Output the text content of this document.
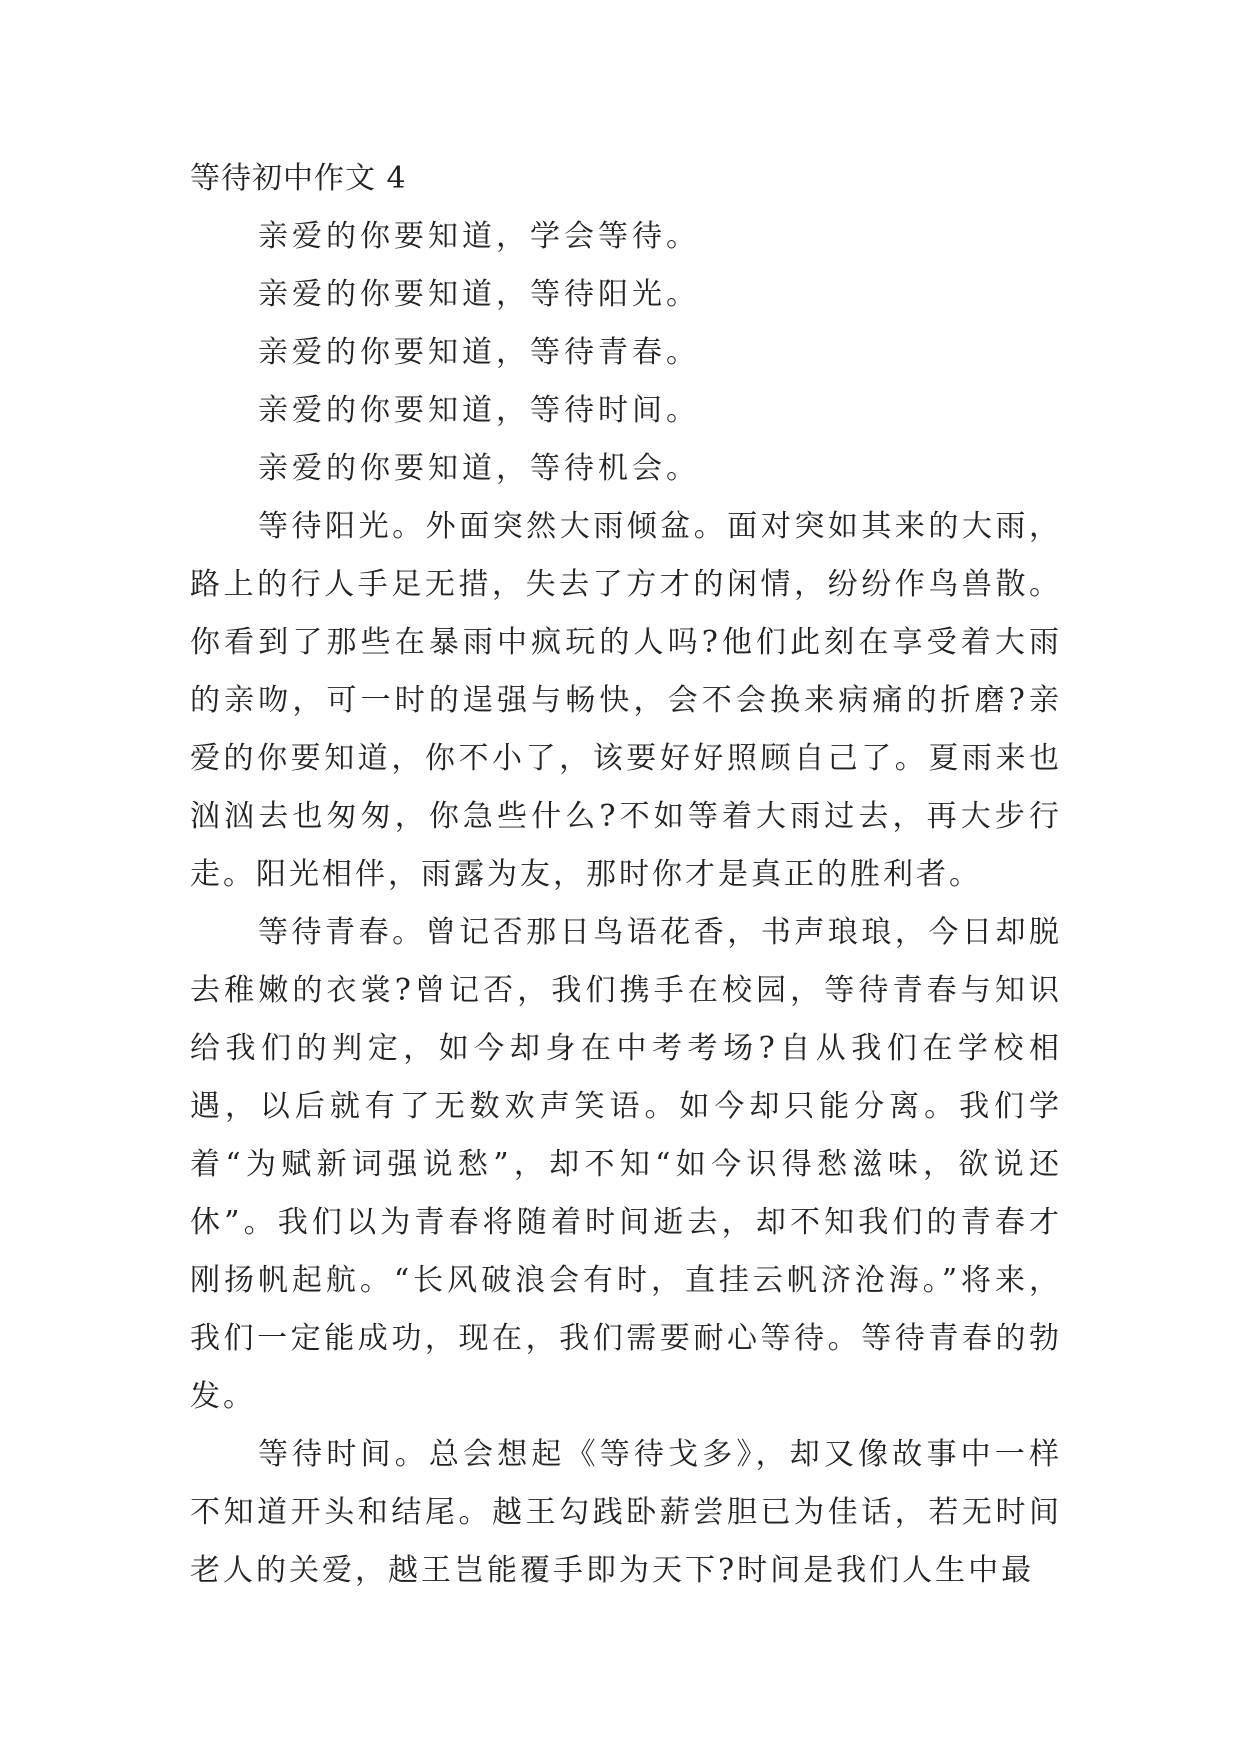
等待初中作文 4

亲爱的你要知道，学会等待。

亲爱的你要知道，等待阳光。

亲爱的你要知道，等待青春。

亲爱的你要知道，等待时间。

亲爱的你要知道，等待机会。

等待阳光。外面突然大雨倾盆。面对突如其来的大雨，路上的行人手足无措，失去了方才的闲情，纷纷作鸟兽散。你看到了那些在暴雨中疯玩的人吗?他们此刻在享受着大雨的亲吻，可一时的逞强与畅快，会不会换来病痛的折磨?亲爱的你要知道，你不小了，该要好好照顾自己了。夏雨来也汹汹去也匆匆，你急些什么?不如等着大雨过去，再大步行走。阳光相伴，雨露为友，那时你才是真正的胜利者。

等待青春。曾记否那日鸟语花香，书声琅琅，今日却脱去稚嫩的衣裳?曾记否，我们携手在校园，等待青春与知识给我们的判定，如今却身在中考考场?自从我们在学校相遇，以后就有了无数欢声笑语。如今却只能分离。我们学着“为赋新词强说愁”，却不知“如今识得愁滋味，欲说还休”。我们以为青春将随着时间逝去，却不知我们的青春才刚扬帆起航。“长风破浪会有时，直挂云帆济沧海。”将来，我们一定能成功，现在，我们需要耐心等待。等待青春的勃发。

等待时间。总会想起《等待戈多》，却又像故事中一样不知道开头和结尾。越王勾践卧薪尝胆已为佳话，若无时间老人的关爱，越王岂能覆手即为天下?时间是我们人生中最
